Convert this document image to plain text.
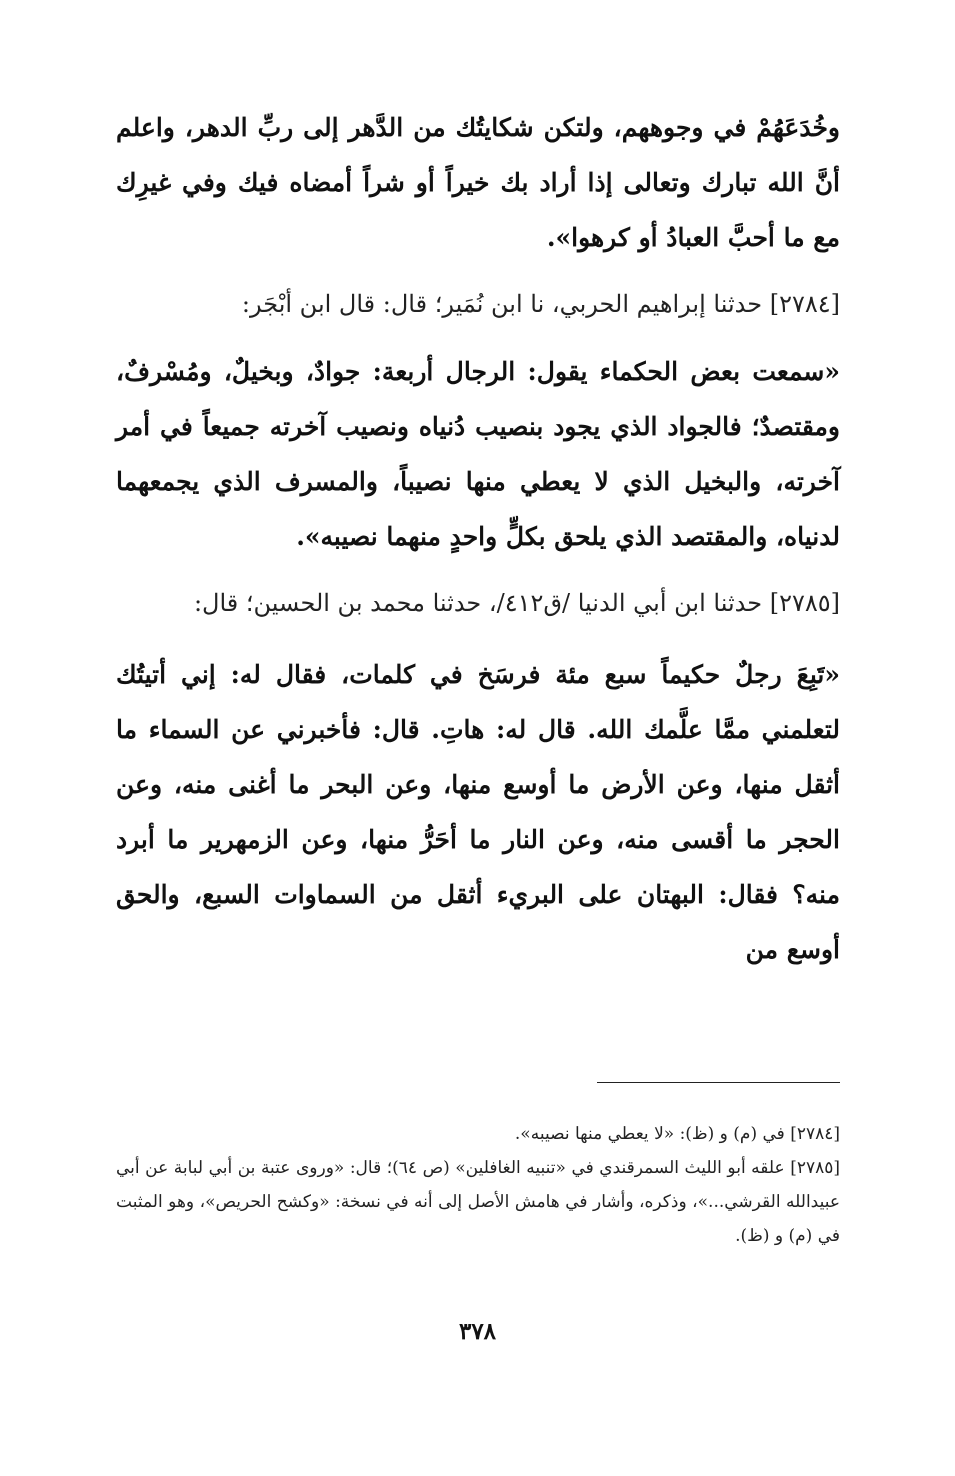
وخُدَعَهُمْ في وجوههم، ولتكن شكايتُك من الدَّهر إلى ربِّ الدهر، واعلم أنَّ الله تبارك وتعالى إذا أراد بك خيراً أو شراً أمضاه فيك وفي غيرِك مع ما أحبَّ العبادُ أو كرهوا».

[٢٧٨٤] حدثنا إبراهيم الحربي، نا ابن نُمَير؛ قال: قال ابن أبْجَر:

«سمعت بعض الحكماء يقول: الرجال أربعة: جوادٌ، وبخيلٌ، ومُسْرفٌ، ومقتصدٌ؛ فالجواد الذي يجود بنصيب دُنياه ونصيب آخرته جميعاً في أمر آخرته، والبخيل الذي لا يعطي منها نصيباً، والمسرف الذي يجمعهما لدنياه، والمقتصد الذي يلحق بكلٍّ واحدٍ منهما نصيبه».

[٢٧٨٥] حدثنا ابن أبي الدنيا /ق٤١٢/، حدثنا محمد بن الحسين؛ قال:

«تَبِعَ رجلٌ حكيماً سبع مئة فرسَخ في كلمات، فقال له: إني أتيتُك لتعلمني ممَّا علَّمك الله. قال له: هاتِ. قال: فأخبرني عن السماء ما أثقل منها، وعن الأرض ما أوسع منها، وعن البحر ما أغنى منه، وعن الحجر ما أقسى منه، وعن النار ما أحَرُّ منها، وعن الزمهرير ما أبرد منه؟ فقال: البهتان على البريء أثقل من السماوات السبع، والحق أوسع من

[٢٧٨٤] في (م) و (ظ): «لا يعطي منها نصيبه».

[٢٧٨٥] علقه أبو الليث السمرقندي في «تنبيه الغافلين» (ص ٦٤)؛ قال: «وروى عتبة بن أبي لبابة عن أبي عبيدالله القرشي...»، وذكره، وأشار في هامش الأصل إلى أنه في نسخة: «وكشح الحريص»، وهو المثبت في (م) و (ظ).

٣٧٨
